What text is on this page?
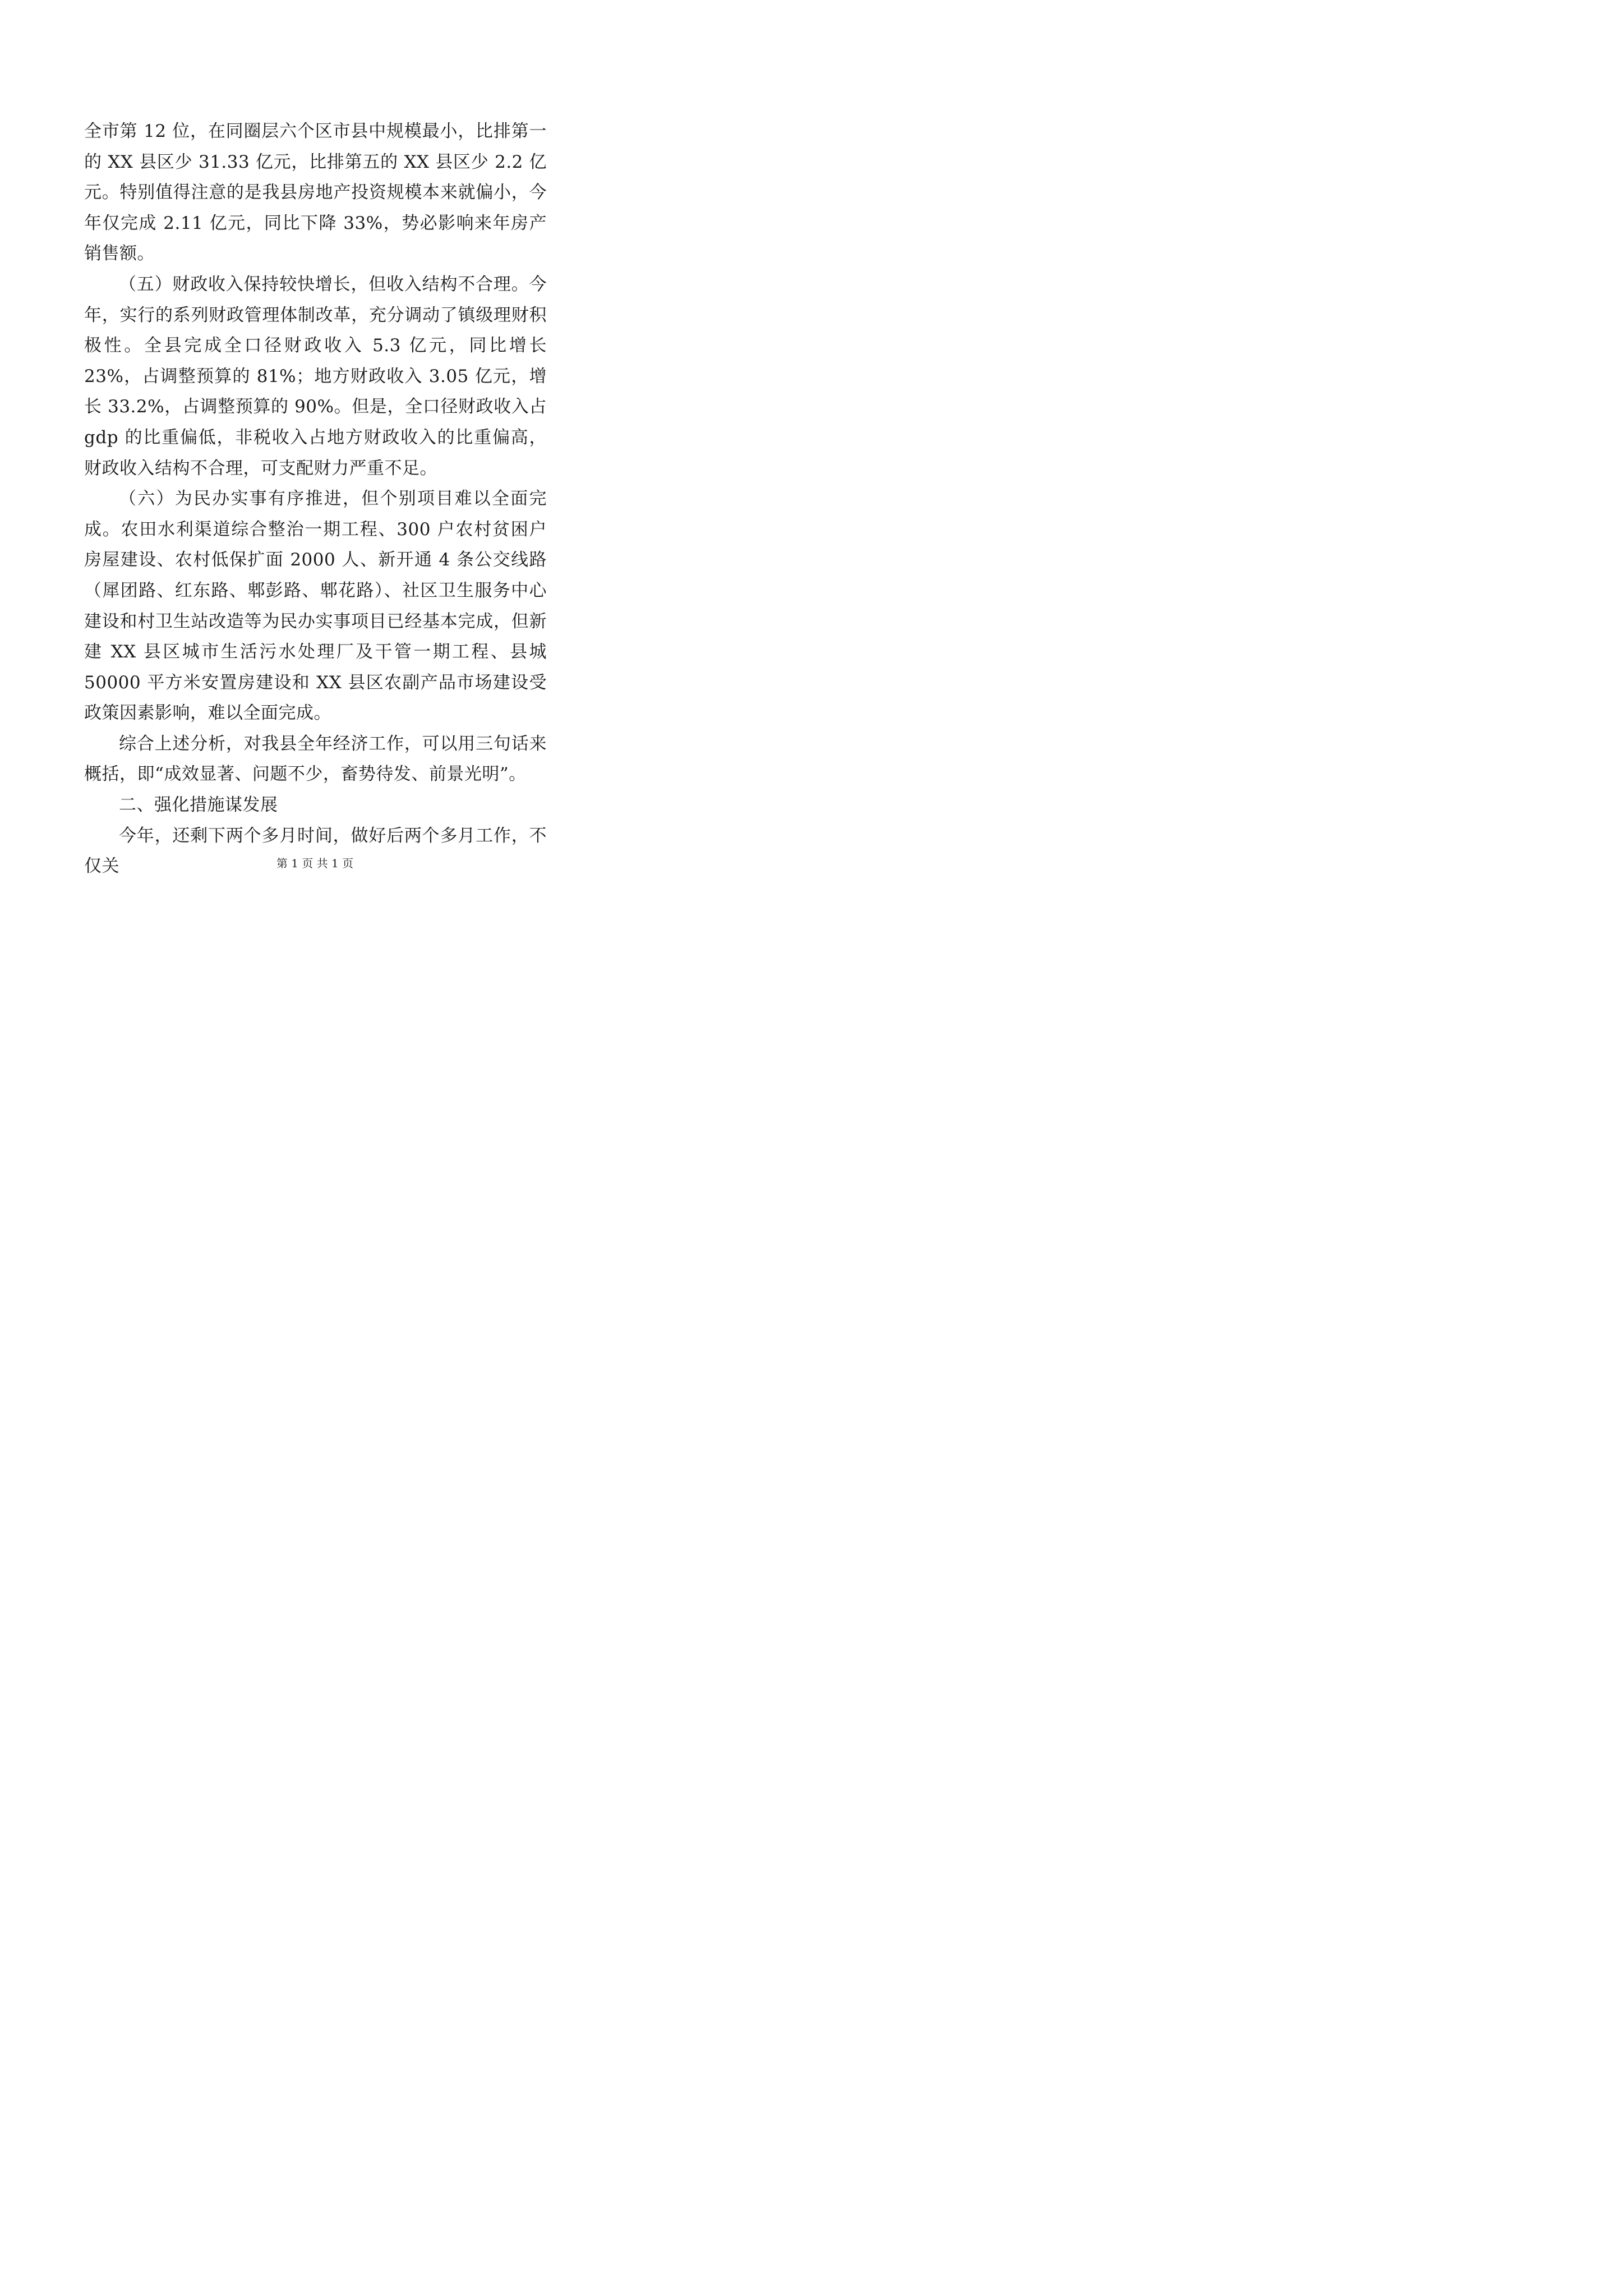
全市第 12 位，在同圈层六个区市县中规模最小，比排第一的 XX 县区少 31.33 亿元，比排第五的 XX 县区少 2.2 亿元。特别值得注意的是我县房地产投资规模本来就偏小，今年仅完成 2.11 亿元，同比下降 33%，势必影响来年房产销售额。

（五）财政收入保持较快增长，但收入结构不合理。今年，实行的系列财政管理体制改革，充分调动了镇级理财积极性。全县完成全口径财政收入 5.3 亿元，同比增长 23%，占调整预算的 81%；地方财政收入 3.05 亿元，增长 33.2%，占调整预算的 90%。但是，全口径财政收入占 gdp 的比重偏低，非税收入占地方财政收入的比重偏高，财政收入结构不合理，可支配财力严重不足。

（六）为民办实事有序推进，但个别项目难以全面完成。农田水利渠道综合整治一期工程、300 户农村贫困户房屋建设、农村低保扩面 2000 人、新开通 4 条公交线路（犀团路、红东路、郫彭路、郫花路）、社区卫生服务中心建设和村卫生站改造等为民办实事项目已经基本完成，但新建 XX 县区城市生活污水处理厂及干管一期工程、县城 50000 平方米安置房建设和 XX 县区农副产品市场建设受政策因素影响，难以全面完成。

综合上述分析，对我县全年经济工作，可以用三句话来概括，即“成效显著、问题不少，畜势待发、前景光明”。

二、强化措施谋发展

今年，还剩下两个多月时间，做好后两个多月工作，不仅关	第 1 页 共 1 页
